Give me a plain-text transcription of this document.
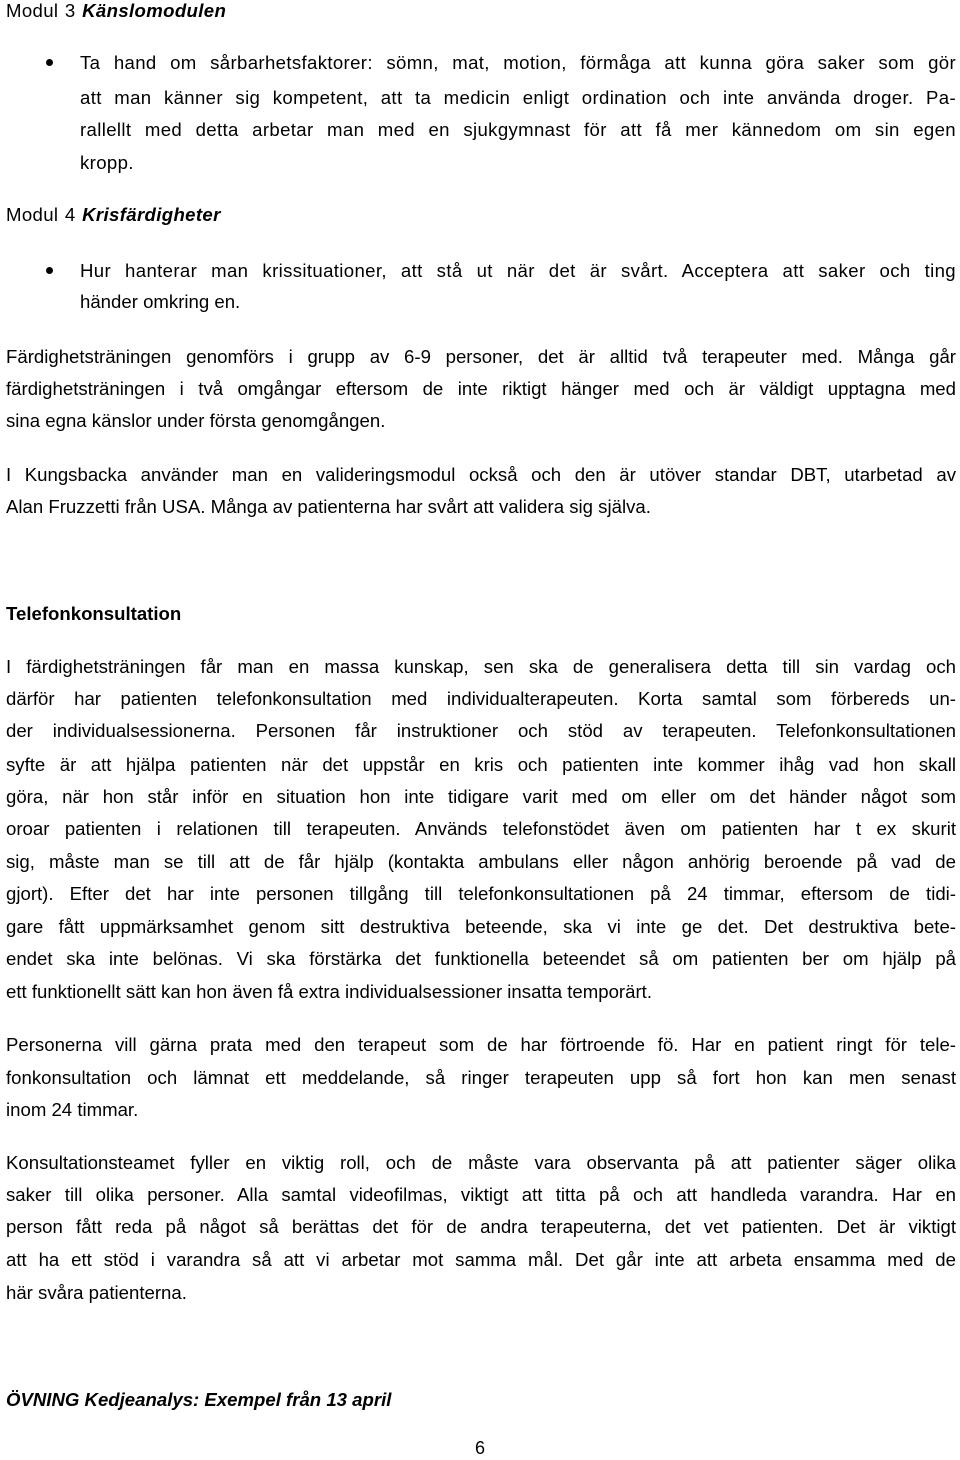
Modul 3 Känslomodulen
Ta hand om sårbarhetsfaktorer: sömn, mat, motion, förmåga att kunna göra saker som gör
att man känner sig kompetent, att ta medicin enligt ordination och inte använda droger. Pa-
rallellt med detta arbetar man med en sjukgymnast för att få mer kännedom om sin egen
kropp.
Modul 4 Krisfärdigheter
Hur hanterar man krissituationer, att stå ut när det är svårt. Acceptera att saker och ting
händer omkring en.
Färdighetsträningen genomförs i grupp av 6-9 personer, det är alltid två terapeuter med. Många går
färdighetsträningen i två omgångar eftersom de inte riktigt hänger med och är väldigt upptagna med
sina egna känslor under första genomgången.
I Kungsbacka använder man en valideringsmodul också och den är utöver standar DBT, utarbetad av
Alan Fruzzetti från USA. Många av patienterna har svårt att validera sig själva.
Telefonkonsultation
I färdighetsträningen får man en massa kunskap, sen ska de generalisera detta till sin vardag och
därför har patienten telefonkonsultation med individualterapeuten. Korta samtal som förbereds un-
der individualsessionerna. Personen får instruktioner och stöd av terapeuten. Telefonkonsultationen
syfte är att hjälpa patienten när det uppstår en kris och patienten inte kommer ihåg vad hon skall
göra, när hon står inför en situation hon inte tidigare varit med om eller om det händer något som
oroar patienten i relationen till terapeuten. Används telefonstödet även om patienten har t ex skurit
sig, måste man se till att de får hjälp (kontakta ambulans eller någon anhörig beroende på vad de
gjort). Efter det har inte personen tillgång till telefonkonsultationen på 24 timmar, eftersom de tidi-
gare fått uppmärksamhet genom sitt destruktiva beteende, ska vi inte ge det. Det destruktiva bete-
endet ska inte belönas. Vi ska förstärka det funktionella beteendet så om patienten ber om hjälp på
ett funktionellt sätt kan hon även få extra individualsessioner insatta temporärt.
Personerna vill gärna prata med den terapeut som de har förtroende fö. Har en patient ringt för tele-
fonkonsultation och lämnat ett meddelande, så ringer terapeuten upp så fort hon kan men senast
inom 24 timmar.
Konsultationsteamet fyller en viktig roll, och de måste vara observanta på att patienter säger olika
saker till olika personer. Alla samtal videofilmas, viktigt att titta på och att handleda varandra. Har en
person fått reda på något så berättas det för de andra terapeuterna, det vet patienten. Det är viktigt
att ha ett stöd i varandra så att vi arbetar mot samma mål. Det går inte att arbeta ensamma med de
här svåra patienterna.
ÖVNING Kedjeanalys: Exempel från 13 april
6
